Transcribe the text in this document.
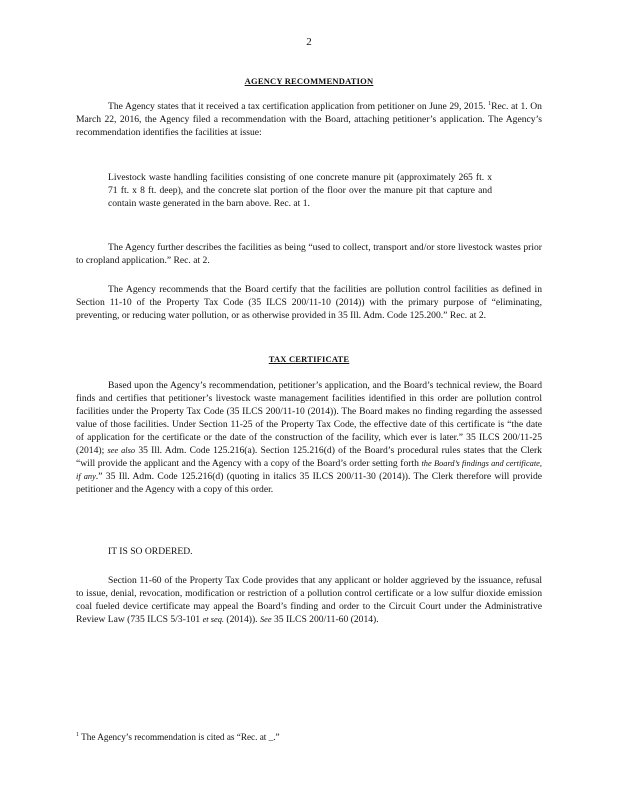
2
AGENCY RECOMMENDATION

The Agency states that it received a tax certification application from petitioner on June 29, 2015. $^1$Rec. at 1. On March 22, 2016, the Agency filed a recommendation with the Board, attaching petitioner’s application. The Agency’s recommendation identifies the facilities at issue:

Livestock waste handling facilities consisting of one concrete manure pit (approximately 265 ft. x 71 ft. x 8 ft. deep), and the concrete slat portion of the floor over the manure pit that capture and contain waste generated in the barn above. Rec. at 1.

The Agency further describes the facilities as being “used to collect, transport and/or store livestock wastes prior to cropland application.” Rec. at 2.

The Agency recommends that the Board certify that the facilities are pollution control facilities as defined in Section 11-10 of the Property Tax Code (35 ILCS 200/11-10 (2014)) with the primary purpose of “eliminating, preventing, or reducing water pollution, or as otherwise provided in 35 Ill. Adm. Code 125.200.” Rec. at 2.

TAX CERTIFICATE

Based upon the Agency’s recommendation, petitioner’s application, and the Board’s technical review, the Board finds and certifies that petitioner’s livestock waste management facilities identified in this order are pollution control facilities under the Property Tax Code (35 ILCS 200/11-10 (2014)). The Board makes no finding regarding the assessed value of those facilities. Under Section 11-25 of the Property Tax Code, the effective date of this certificate is “the date of application for the certificate or the date of the construction of the facility, which ever is later.” 35 ILCS 200/11-25 (2014); see also 35 Ill. Adm. Code 125.216(a). Section 125.216(d) of the Board’s procedural rules states that the Clerk “will provide the applicant and the Agency with a copy of the Board’s order setting forth the Board’s findings and certificate, if any.” 35 Ill. Adm. Code 125.216(d) (quoting in italics 35 ILCS 200/11-30 (2014)). The Clerk therefore will provide petitioner and the Agency with a copy of this order.

IT IS SO ORDERED.

Section 11-60 of the Property Tax Code provides that any applicant or holder aggrieved by the issuance, refusal to issue, denial, revocation, modification or restriction of a pollution control certificate or a low sulfur dioxide emission coal fueled device certificate may appeal the Board’s finding and order to the Circuit Court under the Administrative Review Law (735 ILCS 5/3-101 et seq. (2014)). See 35 ILCS 200/11-60 (2014).

$^1$ The Agency’s recommendation is cited as “Rec. at _.”
